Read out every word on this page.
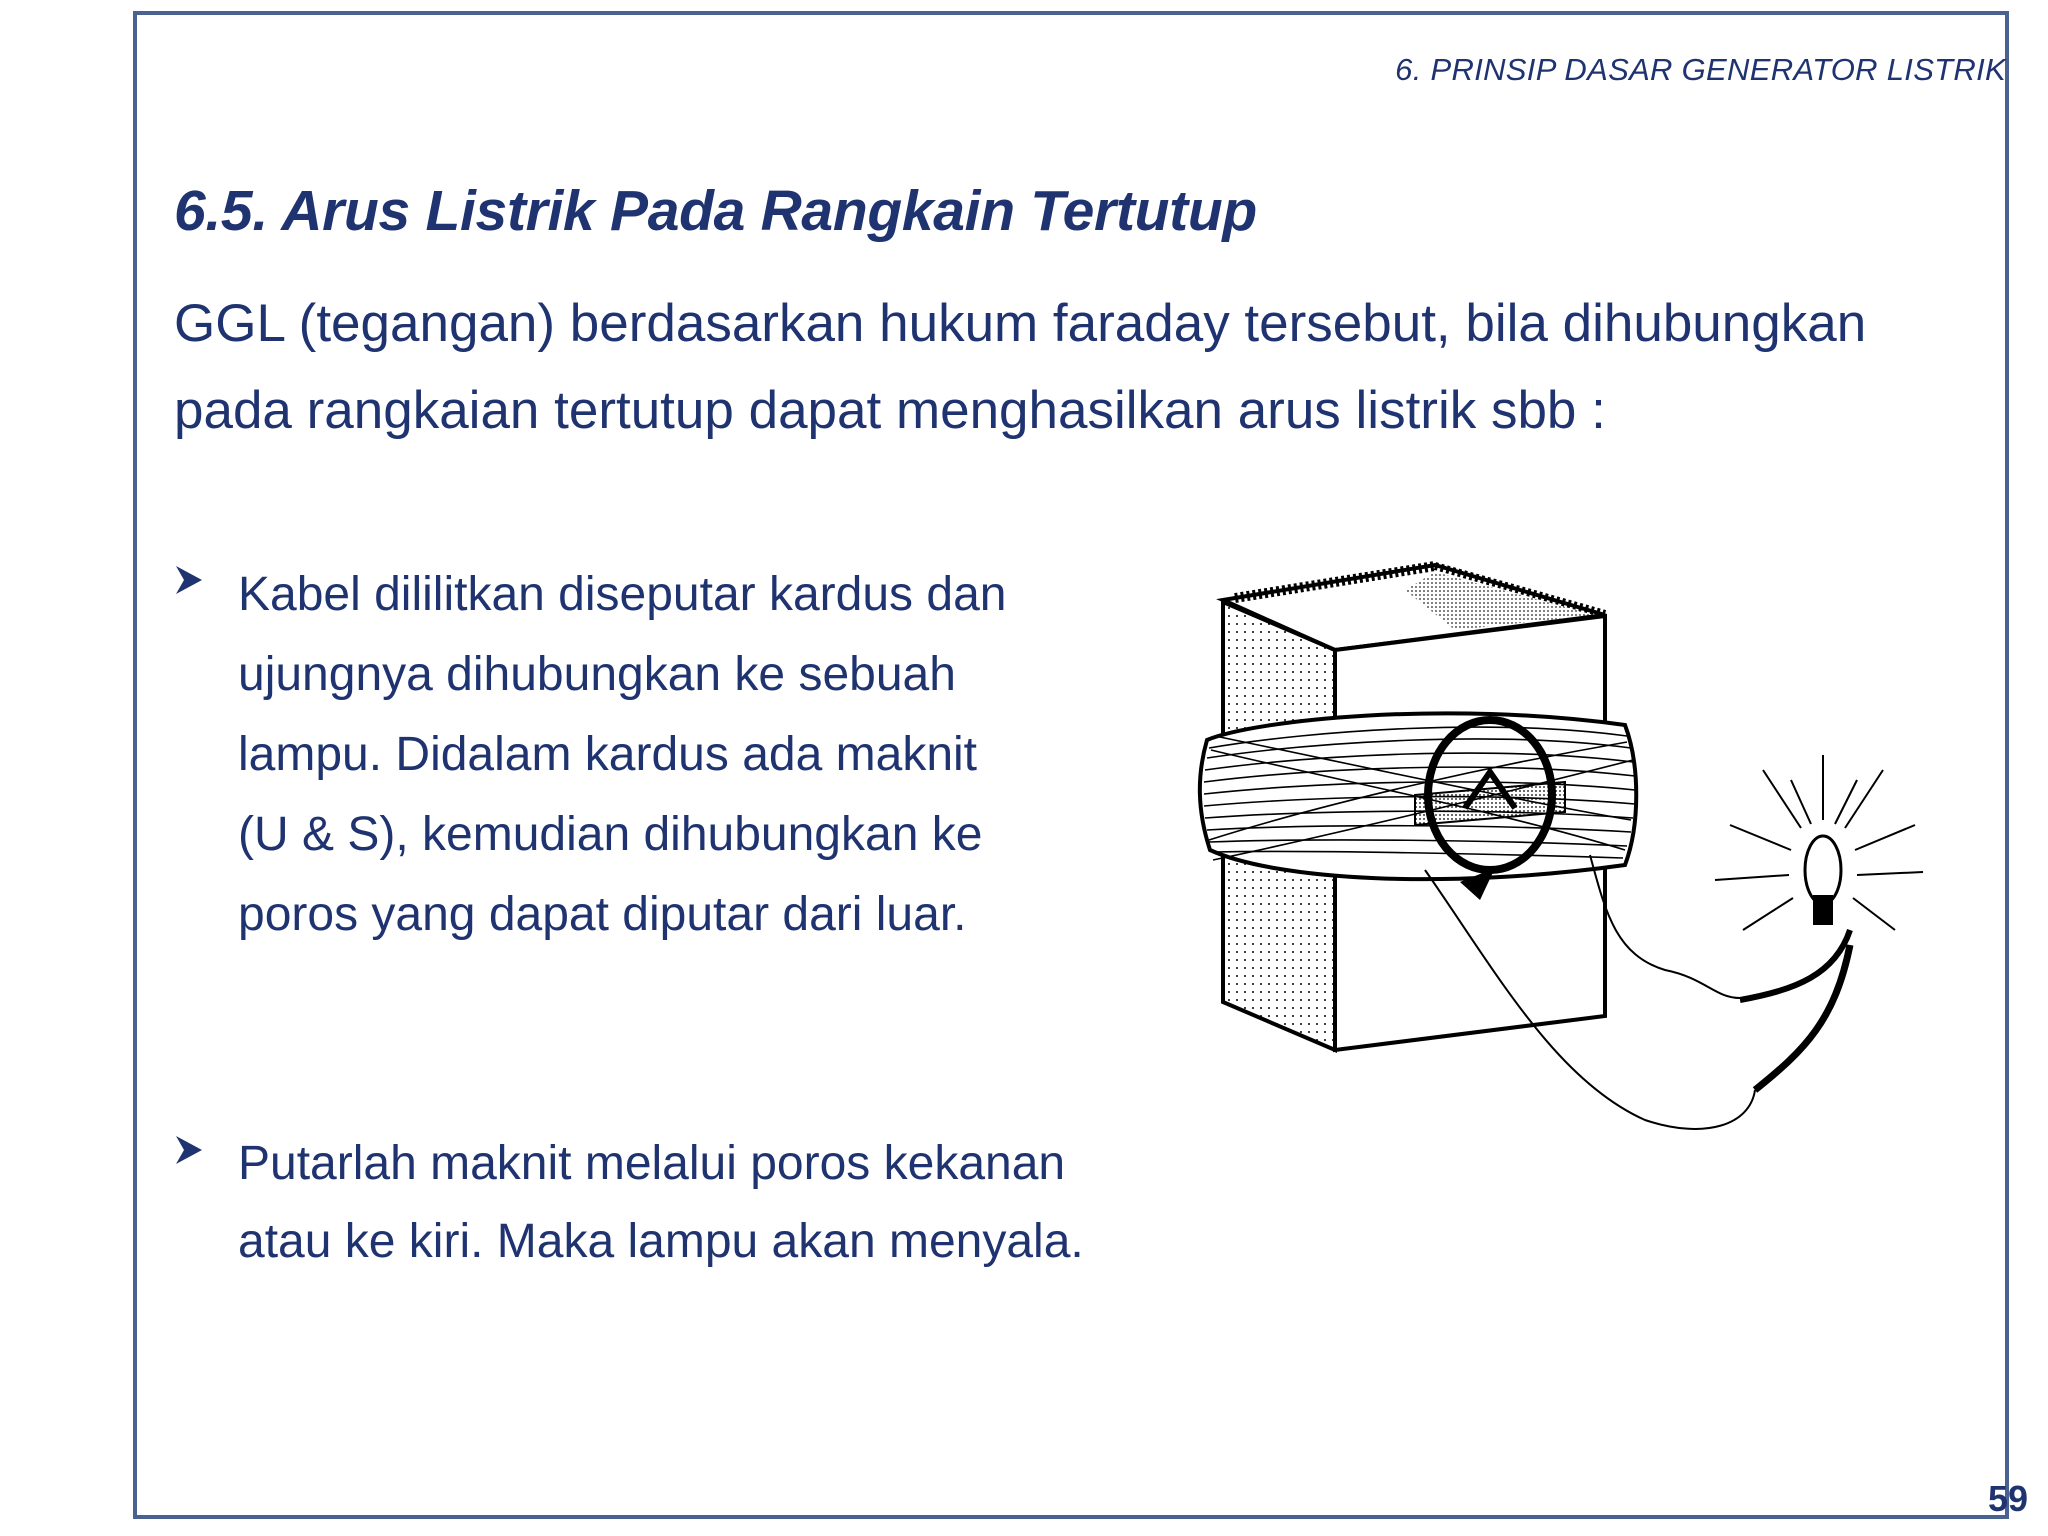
6. PRINSIP DASAR GENERATOR LISTRIK
6.5. Arus Listrik Pada Rangkain Tertutup

GGL (tegangan) berdasarkan hukum faraday tersebut, bila dihubungkan pada rangkaian tertutup dapat menghasilkan arus listrik sbb :

Kabel dililitkan diseputar kardus dan
ujungnya dihubungkan ke sebuah
lampu. Didalam kardus ada maknit
(U & S), kemudian dihubungkan ke
poros yang dapat diputar dari luar.

Putarlah maknit melalui poros kekanan
atau ke kiri. Maka lampu akan menyala.

59
